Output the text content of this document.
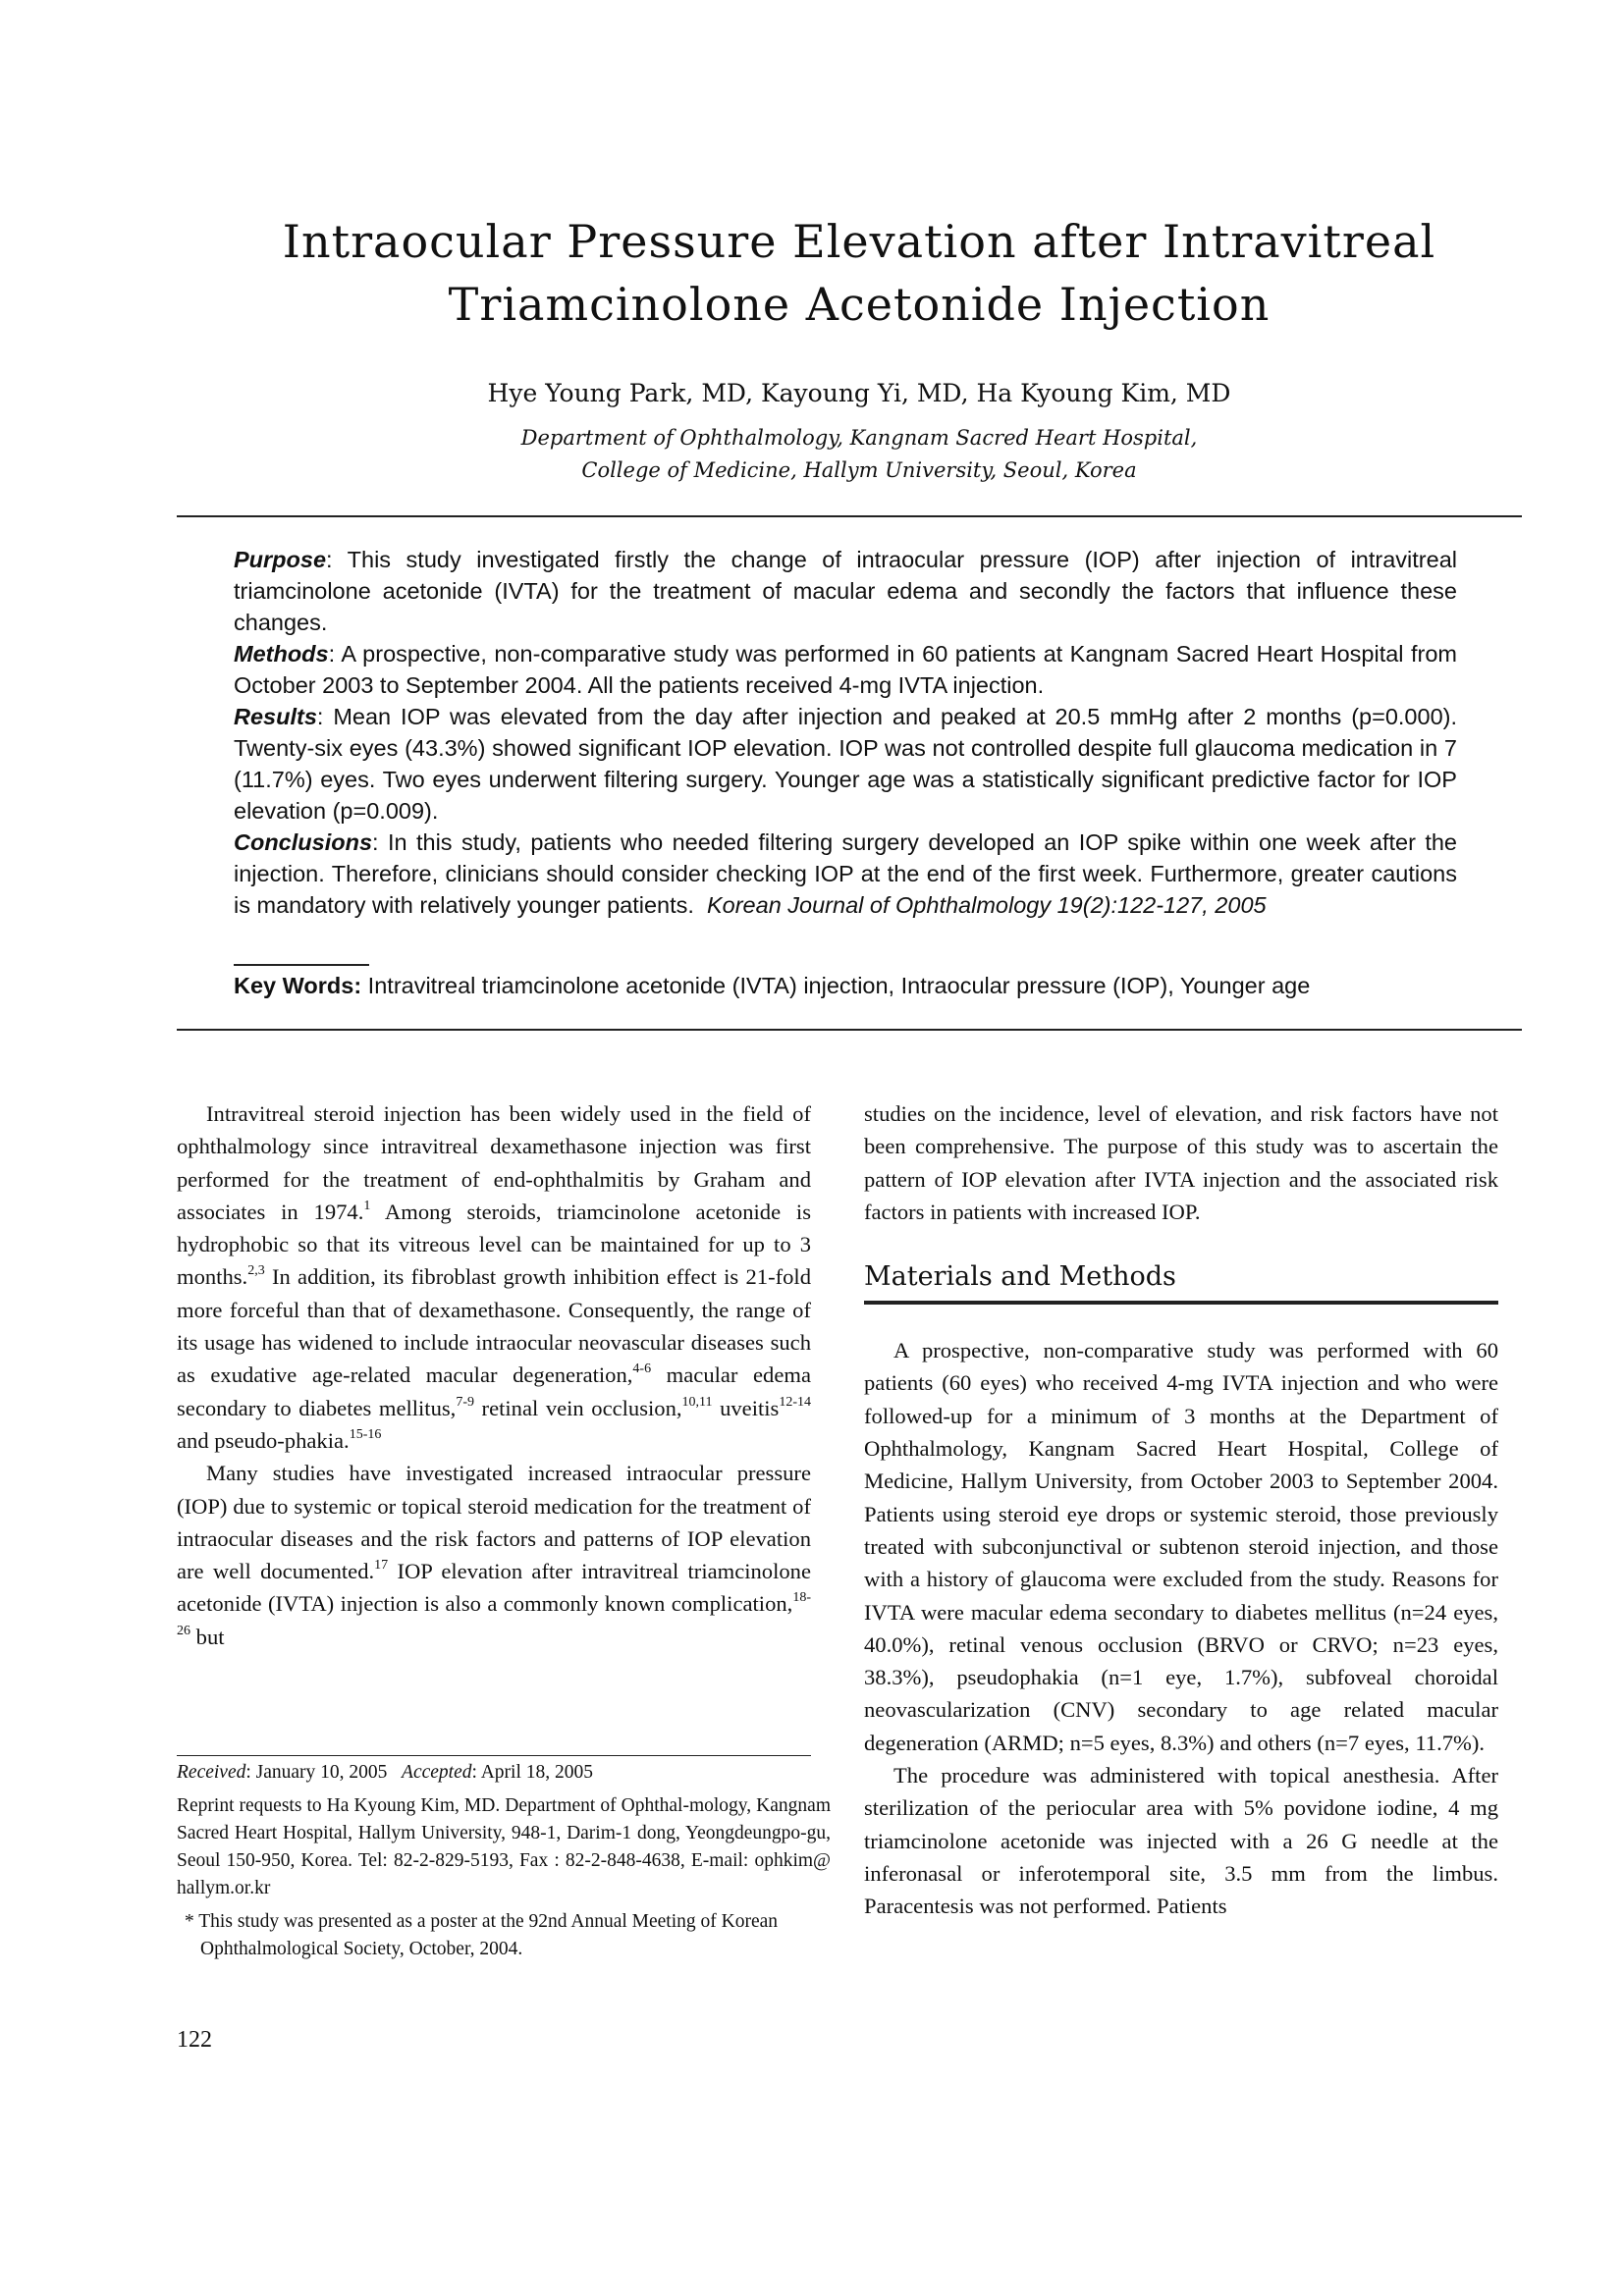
Intraocular Pressure Elevation after Intravitreal
Triamcinolone Acetonide Injection
Hye Young Park, MD, Kayoung Yi, MD, Ha Kyoung Kim, MD
Department of Ophthalmology, Kangnam Sacred Heart Hospital,
College of Medicine, Hallym University, Seoul, Korea

Purpose: This study investigated firstly the change of intraocular pressure (IOP) after injection of intravitreal triamcinolone acetonide (IVTA) for the treatment of macular edema and secondly the factors that influence these changes.

Methods: A prospective, non-comparative study was performed in 60 patients at Kangnam Sacred Heart Hospital from October 2003 to September 2004. All the patients received 4-mg IVTA injection.

Results: Mean IOP was elevated from the day after injection and peaked at 20.5 mmHg after 2 months (p=0.000). Twenty-six eyes (43.3%) showed significant IOP elevation. IOP was not controlled despite full glaucoma medication in 7 (11.7%) eyes. Two eyes underwent filtering surgery. Younger age was a statistically significant predictive factor for IOP elevation (p=0.009).

Conclusions: In this study, patients who needed filtering surgery developed an IOP spike within one week after the injection. Therefore, clinicians should consider checking IOP at the end of the first week. Furthermore, greater cautions is mandatory with relatively younger patients. Korean Journal of Ophthalmology 19(2):122-127, 2005

Key Words: Intravitreal triamcinolone acetonide (IVTA) injection, Intraocular pressure (IOP), Younger age

Intravitreal steroid injection has been widely used in the field of ophthalmology since intravitreal dexamethasone injection was first performed for the treatment of end-ophthalmitis by Graham and associates in 1974.$^1$ Among steroids, triamcinolone acetonide is hydrophobic so that its vitreous level can be maintained for up to 3 months.$^{2,3}$ In addition, its fibroblast growth inhibition effect is 21-fold more forceful than that of dexamethasone. Consequently, the range of its usage has widened to include intraocular neovascular diseases such as exudative age-related macular degeneration,$^{4-6}$ macular edema secondary to diabetes mellitus,$^{7-9}$ retinal vein occlusion,$^{10,11}$ uveitis$^{12-14}$ and pseudo-phakia.$^{15-16}$

Many studies have investigated increased intraocular pressure (IOP) due to systemic or topical steroid medication for the treatment of intraocular diseases and the risk factors and patterns of IOP elevation are well documented.$^{17}$ IOP elevation after intravitreal triamcinolone acetonide (IVTA) injection is also a commonly known complication,$^{18-26}$ but

Received: January 10, 2005 Accepted: April 18, 2005

Reprint requests to Ha Kyoung Kim, MD. Department of Ophthal-mology, Kangnam Sacred Heart Hospital, Hallym University, 948-1, Darim-1 dong, Yeongdeungpo-gu, Seoul 150-950, Korea. Tel: 82-2-829-5193, Fax : 82-2-848-4638, E-mail: ophkim@ hallym.or.kr

* This study was presented as a poster at the 92nd Annual Meeting of Korean Ophthalmological Society, October, 2004.

studies on the incidence, level of elevation, and risk factors have not been comprehensive. The purpose of this study was to ascertain the pattern of IOP elevation after IVTA injection and the associated risk factors in patients with increased IOP.

Materials and Methods

A prospective, non-comparative study was performed with 60 patients (60 eyes) who received 4-mg IVTA injection and who were followed-up for a minimum of 3 months at the Department of Ophthalmology, Kangnam Sacred Heart Hospital, College of Medicine, Hallym University, from October 2003 to September 2004. Patients using steroid eye drops or systemic steroid, those previously treated with subconjunctival or subtenon steroid injection, and those with a history of glaucoma were excluded from the study. Reasons for IVTA were macular edema secondary to diabetes mellitus (n=24 eyes, 40.0%), retinal venous occlusion (BRVO or CRVO; n=23 eyes, 38.3%), pseudophakia (n=1 eye, 1.7%), subfoveal choroidal neovascularization (CNV) secondary to age related macular degeneration (ARMD; n=5 eyes, 8.3%) and others (n=7 eyes, 11.7%).

The procedure was administered with topical anesthesia. After sterilization of the periocular area with 5% povidone iodine, 4 mg triamcinolone acetonide was injected with a 26 G needle at the inferonasal or inferotemporal site, 3.5 mm from the limbus. Paracentesis was not performed. Patients

122
